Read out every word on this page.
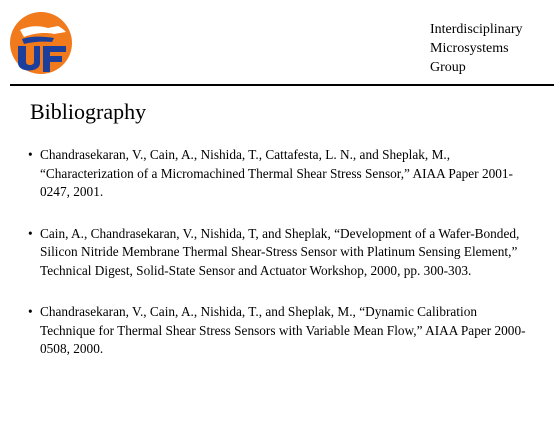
Interdisciplinary
Microsystems
Group
Bibliography
• Chandrasekaran, V., Cain, A., Nishida, T., Cattafesta, L. N., and Sheplak, M., “Characterization of a Micromachined Thermal Shear Stress Sensor,” AIAA Paper 2001-0247, 2001.
• Cain, A., Chandrasekaran, V., Nishida, T, and Sheplak, “Development of a Wafer-Bonded, Silicon Nitride Membrane Thermal Shear-Stress Sensor with Platinum Sensing Element,” Technical Digest, Solid-State Sensor and Actuator Workshop, 2000, pp. 300-303.
• Chandrasekaran, V., Cain, A., Nishida, T., and Sheplak, M., “Dynamic Calibration Technique for Thermal Shear Stress Sensors with Variable Mean Flow,” AIAA Paper 2000-0508, 2000.
